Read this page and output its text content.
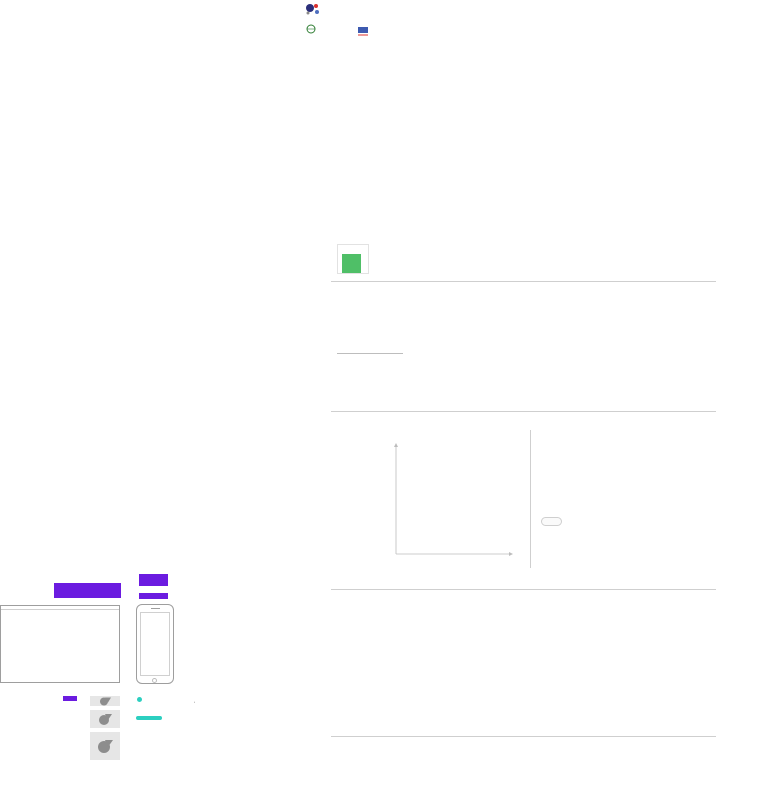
•
